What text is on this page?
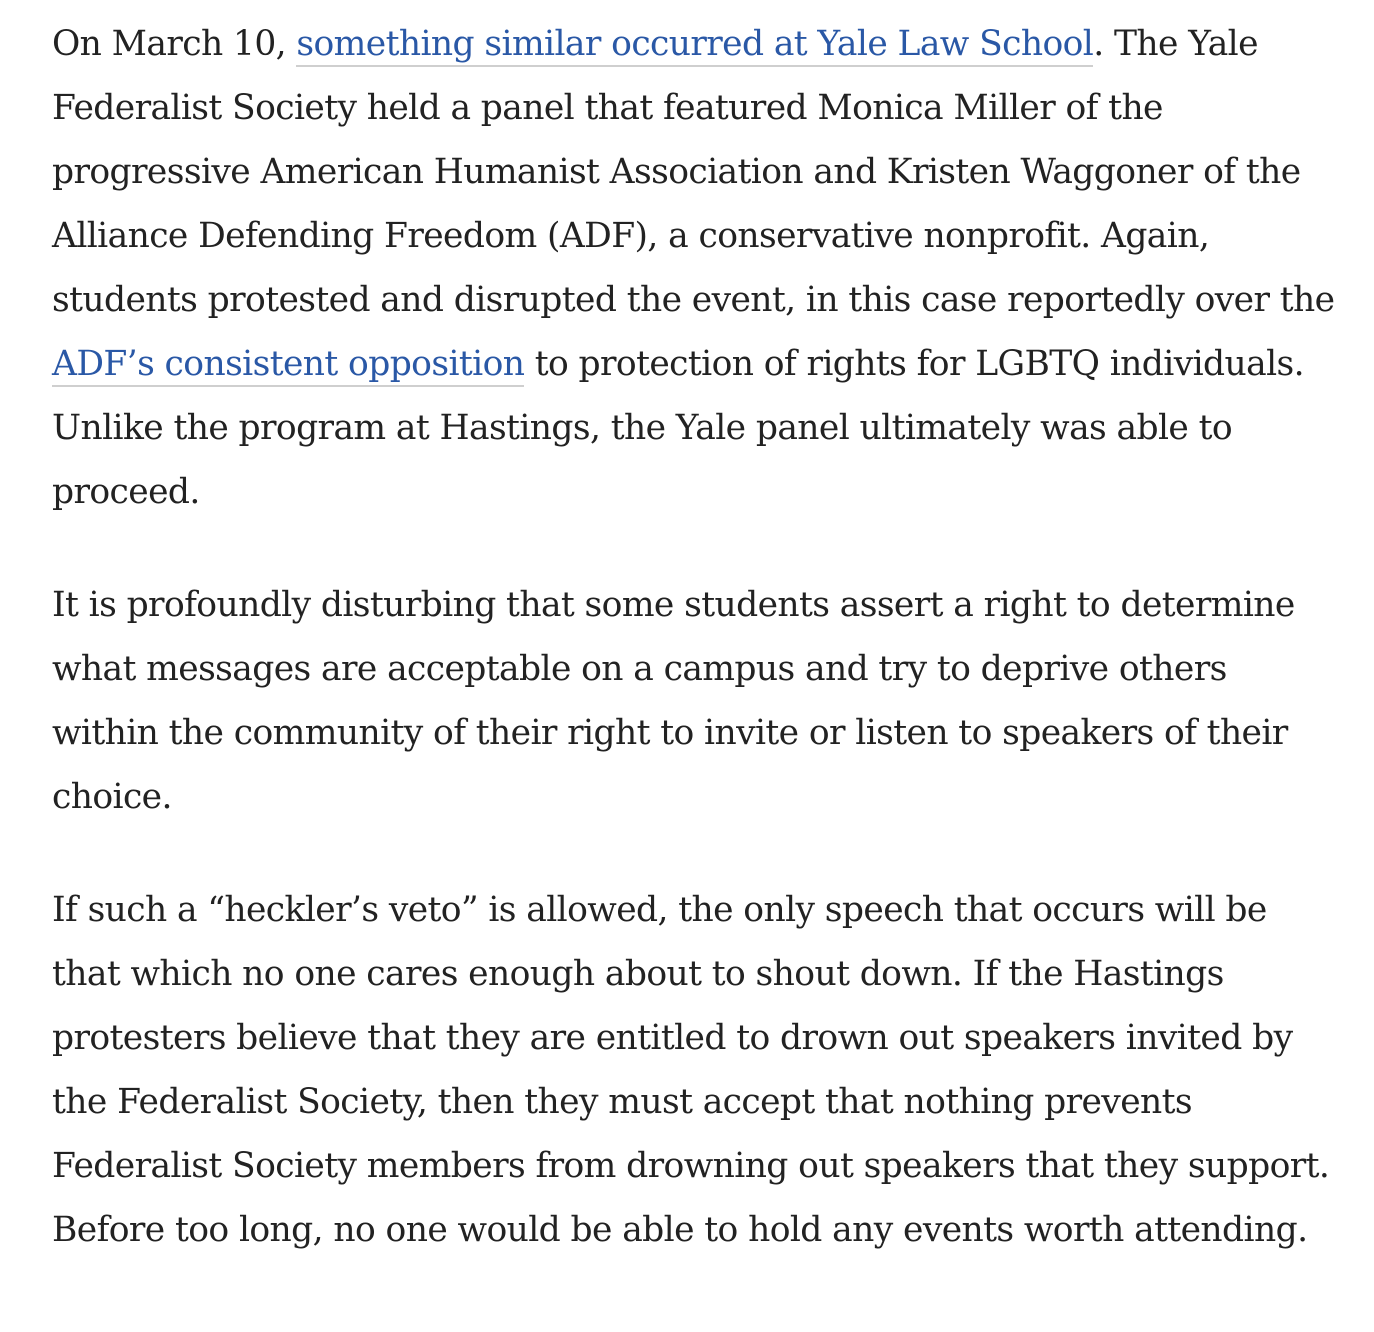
On March 10, something similar occurred at Yale Law School. The Yale Federalist Society held a panel that featured Monica Miller of the progressive American Humanist Association and Kristen Waggoner of the Alliance Defending Freedom (ADF), a conservative nonprofit. Again, students protested and disrupted the event, in this case reportedly over the ADF’s consistent opposition to protection of rights for LGBTQ individuals. Unlike the program at Hastings, the Yale panel ultimately was able to proceed.

It is profoundly disturbing that some students assert a right to determine what messages are acceptable on a campus and try to deprive others within the community of their right to invite or listen to speakers of their choice.

If such a “heckler’s veto” is allowed, the only speech that occurs will be that which no one cares enough about to shout down. If the Hastings protesters believe that they are entitled to drown out speakers invited by the Federalist Society, then they must accept that nothing prevents Federalist Society members from drowning out speakers that they support. Before too long, no one would be able to hold any events worth attending.
